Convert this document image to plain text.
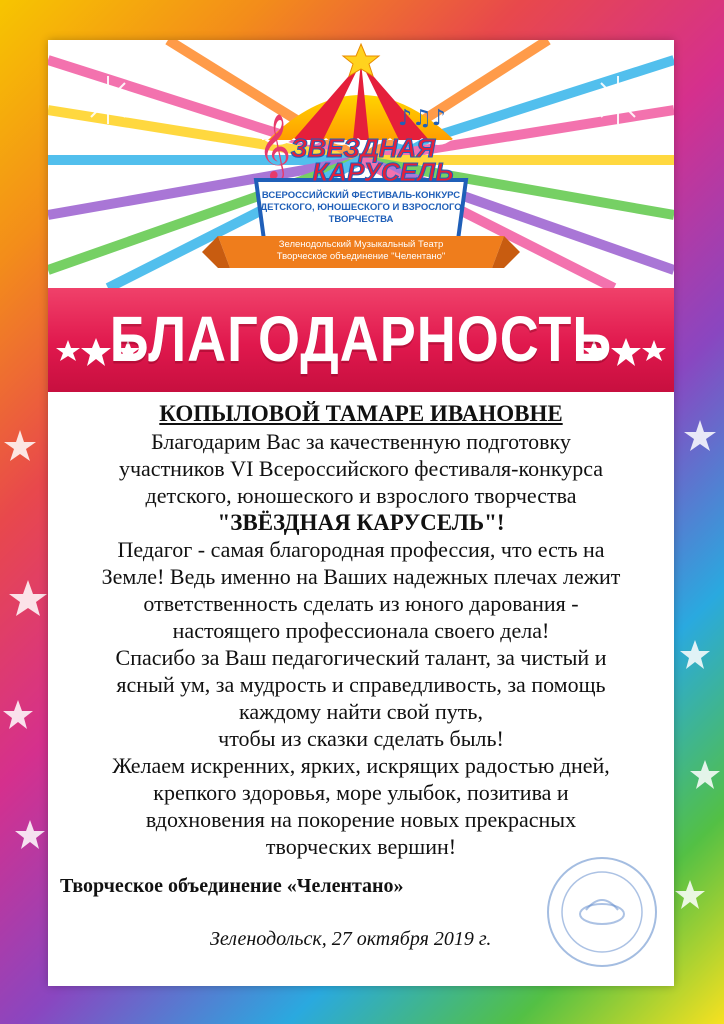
𝄞	♪♫♪
ЗВЕЗДНАЯ
КАРУСЕЛЬ
ВСЕРОССИЙСКИЙ ФЕСТИВАЛЬ-КОНКУРС
ДЕТСКОГО, ЮНОШЕСКОГО И ВЗРОСЛОГО
ТВОРЧЕСТВА
Зеленодольский Музыкальный Театр
Творческое объединение "Челентано"
БЛАГОДАРНОСТЬ

КОПЫЛОВОЙ ТАМАРЕ ИВАНОВНЕ

Благодарим Вас за качественную подготовку

участников VI Всероссийского фестиваля-конкурса

детского, юношеского и взрослого творчества

"ЗВЁЗДНАЯ КАРУСЕЛЬ"!

Педагог - самая благородная профессия, что есть на

Земле! Ведь именно на Ваших надежных плечах лежит

ответственность сделать из юного дарования -

настоящего профессионала своего дела!

Спасибо за Ваш педагогический талант, за чистый и

ясный ум, за мудрость и справедливость, за помощь

каждому найти свой путь,

чтобы из сказки сделать быль!

Желаем искренних, ярких, искрящих радостью дней,

крепкого здоровья, море улыбок, позитива и

вдохновения на покорение новых прекрасных

творческих вершин!

Творческое объединение «Челентано»
Зеленодольск, 27 октября 2019 г.
